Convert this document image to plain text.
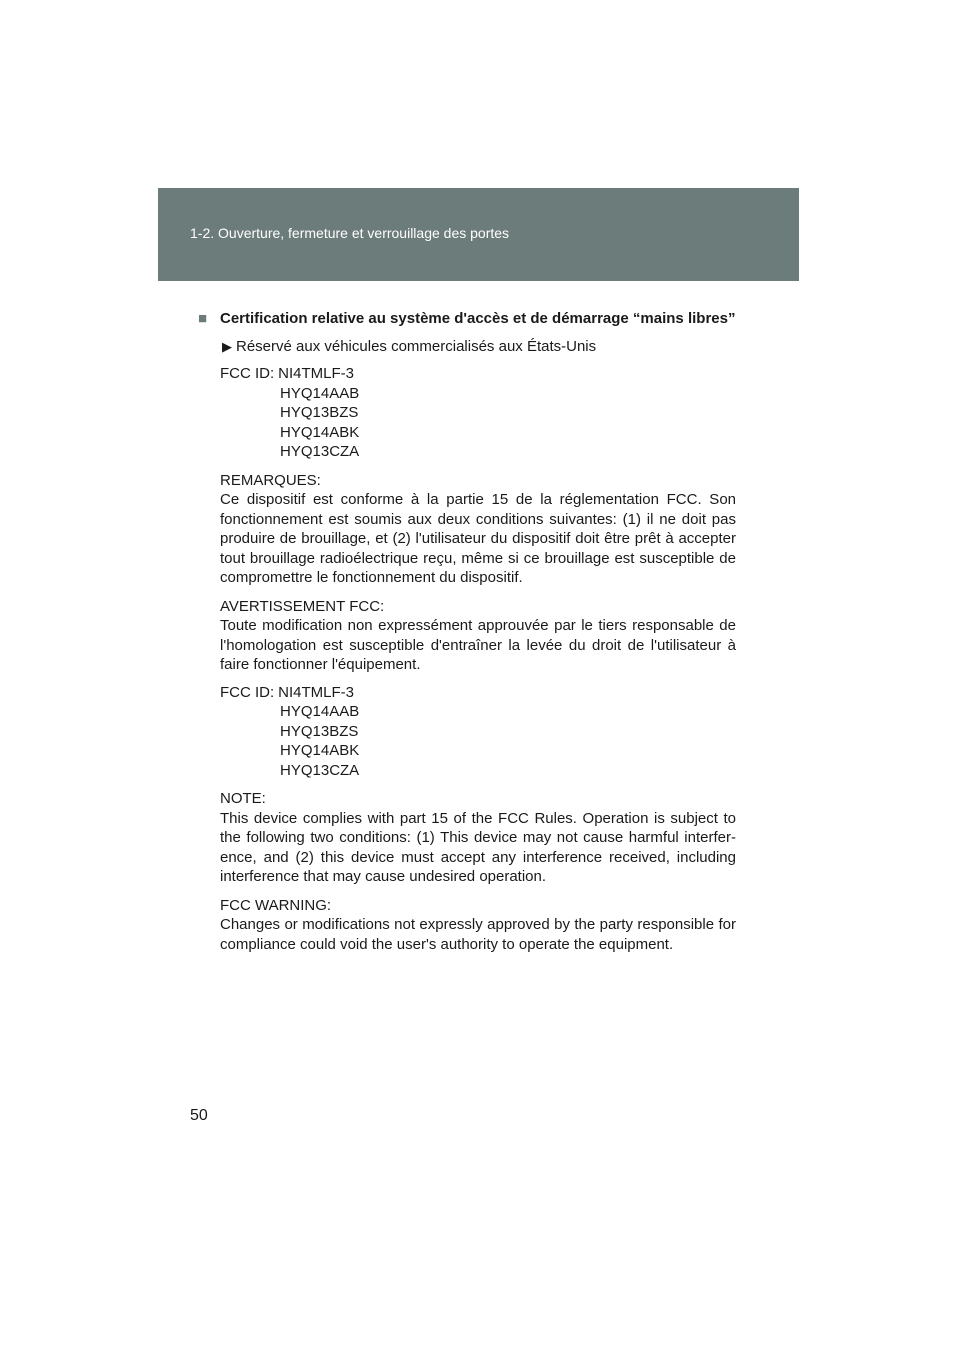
1-2. Ouverture, fermeture et verrouillage des portes
■ Certification relative au système d'accès et de démarrage “mains libres”
▶ Réservé aux véhicules commercialisés aux États-Unis
FCC ID: NI4TMLF-3
HYQ14AAB
HYQ13BZS
HYQ14ABK
HYQ13CZA
REMARQUES:
Ce dispositif est conforme à la partie 15 de la réglementation FCC. Son fonctionnement est soumis aux deux conditions suivantes: (1) il ne doit pas produire de brouillage, et (2) l'utilisateur du dispositif doit être prêt à accepter tout brouillage radioélectrique reçu, même si ce brouillage est susceptible de compromettre le fonctionnement du dispositif.
AVERTISSEMENT FCC:
Toute modification non expressément approuvée par le tiers responsable de l'homologation est susceptible d'entraîner la levée du droit de l'utilisateur à faire fonctionner l'équipement.
FCC ID: NI4TMLF-3
HYQ14AAB
HYQ13BZS
HYQ14ABK
HYQ13CZA
NOTE:
This device complies with part 15 of the FCC Rules. Operation is subject to the following two conditions: (1) This device may not cause harmful interfer-ence, and (2) this device must accept any interference received, including interference that may cause undesired operation.
FCC WARNING:
Changes or modifications not expressly approved by the party responsible for compliance could void the user's authority to operate the equipment.
50
